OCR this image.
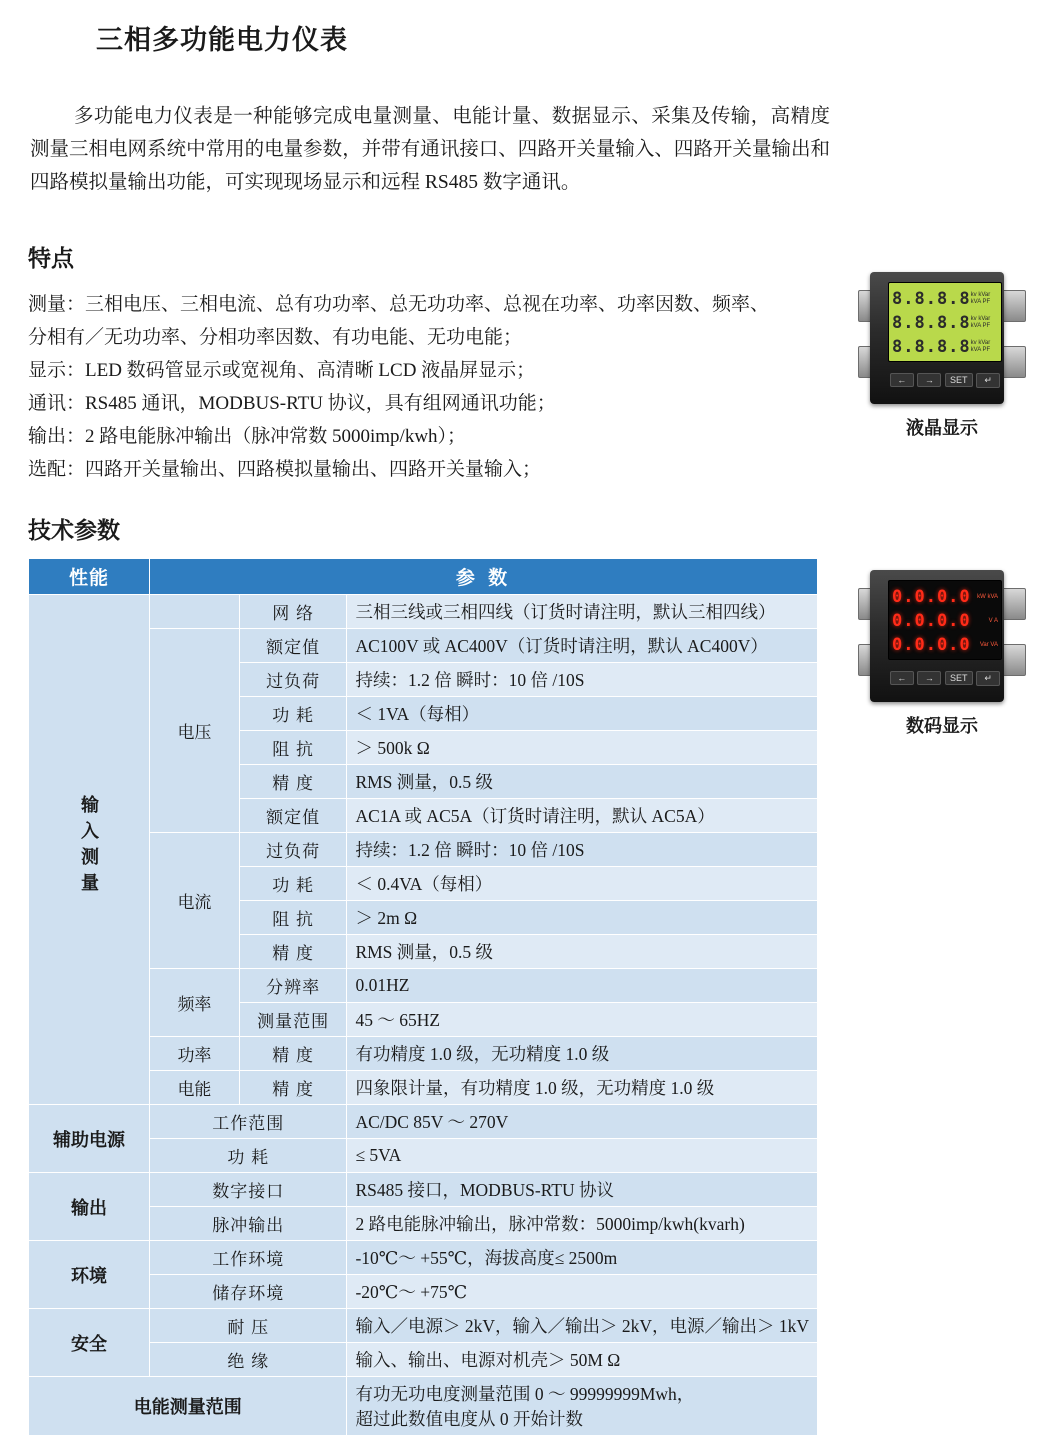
三相多功能电力仪表
多功能电力仪表是一种能够完成电量测量、电能计量、数据显示、采集及传输，高精度测量三相电网系统中常用的电量参数，并带有通讯接口、四路开关量输入、四路开关量输出和四路模拟量输出功能，可实现现场显示和远程 RS485 数字通讯。
特点
测量：三相电压、三相电流、总有功功率、总无功功率、总视在功率、功率因数、频率、
分相有／无功功率、分相功率因数、有功电能、无功电能；
显示：LED 数码管显示或宽视角、高清晰 LCD 液晶屏显示；
通讯：RS485 通讯，MODBUS-RTU 协议，具有组网通讯功能；
输出：2 路电能脉冲输出（脉冲常数 5000imp/kwh）；
选配：四路开关量输出、四路模拟量输出、四路开关量输入；
技术参数
8.8.8.8 kv kVar kVA PF
8.8.8.8 kv kVar kVA PF
8.8.8.8 kv kVar kVA PF
←	→	SET	↵
液晶显示
0.0.0.0 kW kVA
0.0.0.0	V A
0.0.0.0 Var VA
←	→	SET	↵
数码显示
性能	参 数		
输入测量		网 络	三相三线或三相四线（订货时请注明，默认三相四线）
	电压	额定值	AC100V 或 AC400V（订货时请注明，默认 AC400V）
		过负荷	持续：1.2 倍 瞬时：10 倍 /10S
		功 耗	＜ 1VA（每相）
		阻 抗	＞ 500k Ω
		精 度	RMS 测量，0.5 级
		额定值	AC1A 或 AC5A（订货时请注明，默认 AC5A）
	电流	过负荷	持续：1.2 倍 瞬时：10 倍 /10S
		功 耗	＜ 0.4VA（每相）
		阻 抗	＞ 2m Ω
		精 度	RMS 测量，0.5 级
	频率	分辨率	0.01HZ
		测量范围	45 ～ 65HZ
	功率	精 度	有功精度 1.0 级，无功精度 1.0 级
	电能	精 度	四象限计量，有功精度 1.0 级，无功精度 1.0 级
辅助电源	工作范围		AC/DC 85V ～ 270V
	功 耗		≤ 5VA
输出	数字接口		RS485 接口，MODBUS-RTU 协议
	脉冲输出		2 路电能脉冲输出，脉冲常数：5000imp/kwh(kvarh)
环境	工作环境		-10℃～ +55℃，海拔高度≤ 2500m
	储存环境		-20℃～ +75℃
安全	耐 压		输入／电源＞ 2kV，输入／输出＞ 2kV，电源／输出＞ 1kV
	绝 缘		输入、输出、电源对机壳＞ 50M Ω
电能测量范围			有功无功电度测量范围 0 ～ 99999999Mwh，
超过此数值电度从 0 开始计数
